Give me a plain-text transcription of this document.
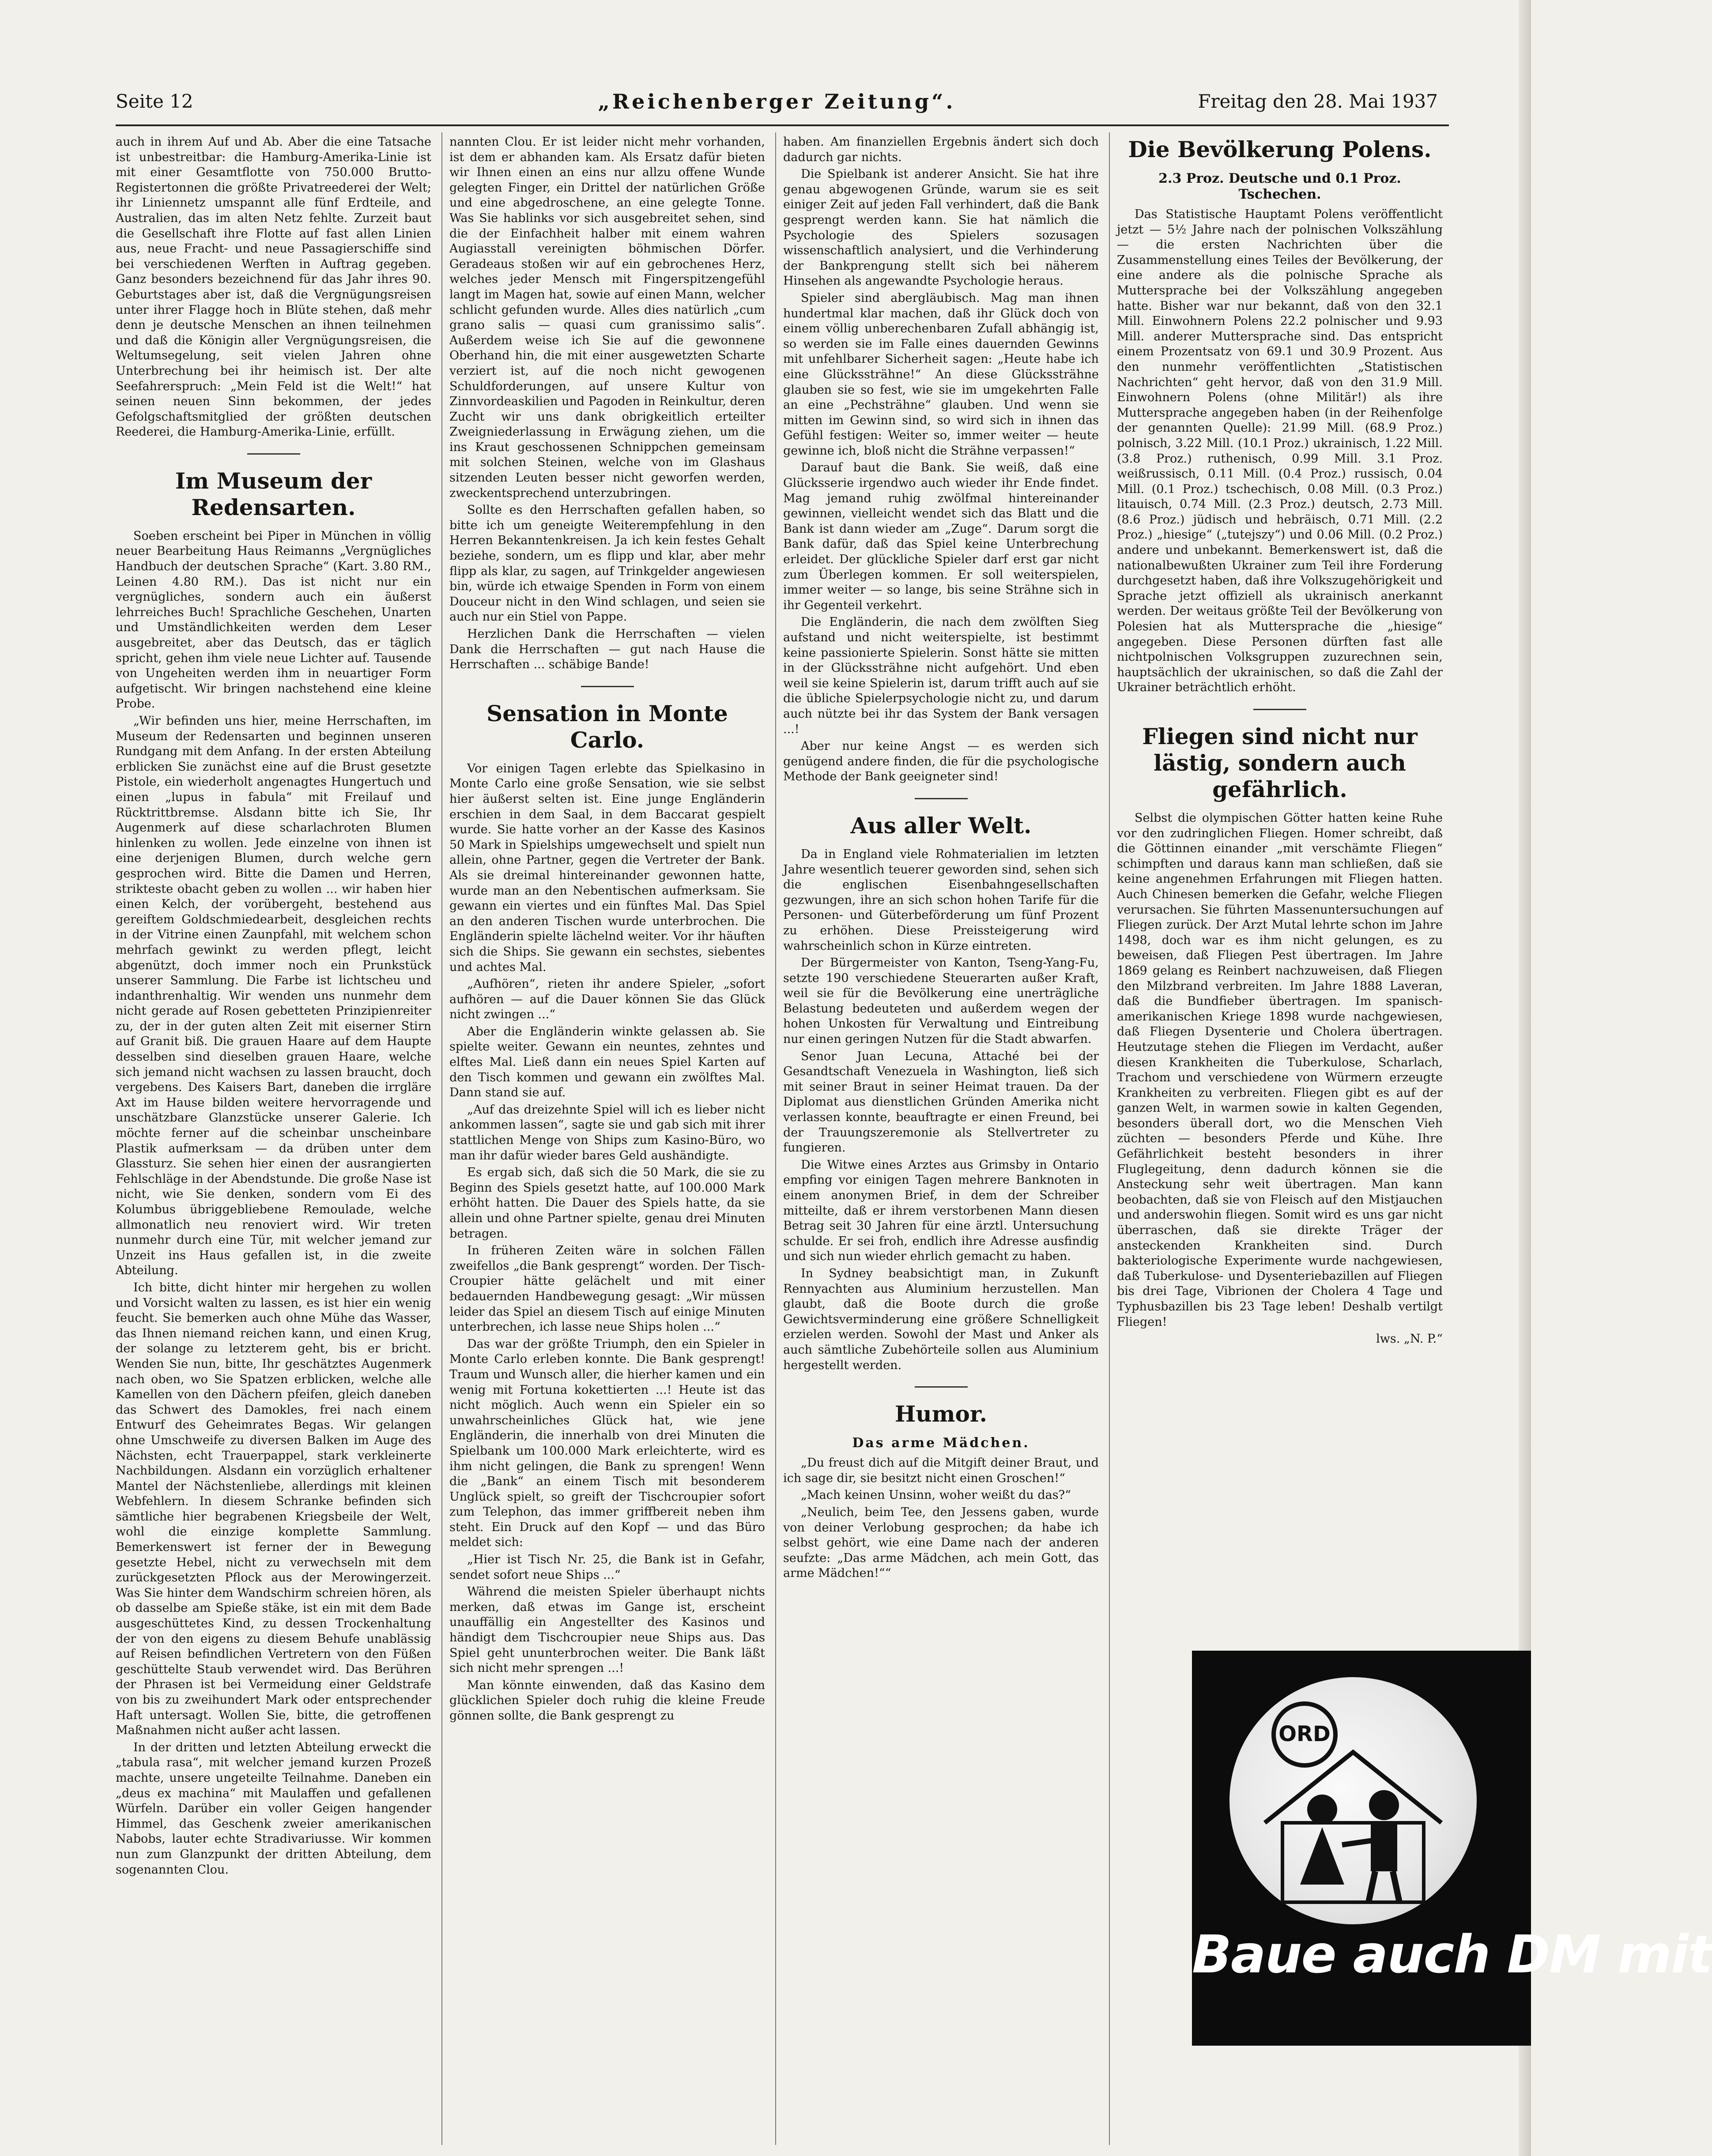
Seite 12	„Reichenberger Zeitung“.	Freitag den 28. Mai 1937

auch in ihrem Auf und Ab. Aber die eine Tatsache ist unbestreitbar: die Hamburg-Amerika-Linie ist mit einer Gesamtflotte von 750.000 Brutto-Registertonnen die größte Privatreederei der Welt; ihr Liniennetz umspannt alle fünf Erdteile, and Australien, das im alten Netz fehlte. Zurzeit baut die Gesellschaft ihre Flotte auf fast allen Linien aus, neue Fracht- und neue Passagierschiffe sind bei verschiedenen Werften in Auftrag gegeben. Ganz besonders bezeichnend für das Jahr ihres 90. Geburtstages aber ist, daß die Vergnügungsreisen unter ihrer Flagge hoch in Blüte stehen, daß mehr denn je deutsche Menschen an ihnen teilnehmen und daß die Königin aller Vergnügungsreisen, die Weltumsegelung, seit vielen Jahren ohne Unterbrechung bei ihr heimisch ist. Der alte Seefahrerspruch: „Mein Feld ist die Welt!“ hat seinen neuen Sinn bekommen, der jedes Gefolgschaftsmitglied der größten deutschen Reederei, die Hamburg-Amerika-Linie, erfüllt.

Im Museum der Redensarten.

Soeben erscheint bei Piper in München in völlig neuer Bearbeitung Haus Reimanns „Vergnügliches Handbuch der deutschen Sprache“ (Kart. 3.80 RM., Leinen 4.80 RM.). Das ist nicht nur ein vergnügliches, sondern auch ein äußerst lehrreiches Buch! Sprachliche Geschehen, Unarten und Umständlichkeiten werden dem Leser ausgebreitet, aber das Deutsch, das er täglich spricht, gehen ihm viele neue Lichter auf. Tausende von Ungeheiten werden ihm in neuartiger Form aufgetischt. Wir bringen nachstehend eine kleine Probe.

„Wir befinden uns hier, meine Herrschaften, im Museum der Redensarten und beginnen unseren Rundgang mit dem Anfang. In der ersten Abteilung erblicken Sie zunächst eine auf die Brust gesetzte Pistole, ein wiederholt angenagtes Hungertuch und einen „lupus in fabula“ mit Freilauf und Rücktrittbremse. Alsdann bitte ich Sie, Ihr Augenmerk auf diese scharlachroten Blumen hinlenken zu wollen. Jede einzelne von ihnen ist eine derjenigen Blumen, durch welche gern gesprochen wird. Bitte die Damen und Herren, strikteste obacht geben zu wollen ... wir haben hier einen Kelch, der vorübergeht, bestehend aus gereiftem Goldschmiedearbeit, desgleichen rechts in der Vitrine einen Zaunpfahl, mit welchem schon mehrfach gewinkt zu werden pflegt, leicht abgenützt, doch immer noch ein Prunkstück unserer Sammlung. Die Farbe ist lichtscheu und indanthrenhaltig. Wir wenden uns nunmehr dem nicht gerade auf Rosen gebetteten Prinzipienreiter zu, der in der guten alten Zeit mit eiserner Stirn auf Granit biß. Die grauen Haare auf dem Haupte desselben sind dieselben grauen Haare, welche sich jemand nicht wachsen zu lassen braucht, doch vergebens. Des Kaisers Bart, daneben die irrgläre Axt im Hause bilden weitere hervorragende und unschätzbare Glanzstücke unserer Galerie. Ich möchte ferner auf die scheinbar unscheinbare Plastik aufmerksam — da drüben unter dem Glassturz. Sie sehen hier einen der ausrangierten Fehlschläge in der Abendstunde. Die große Nase ist nicht, wie Sie denken, sondern vom Ei des Kolumbus übriggebliebene Remoulade, welche allmonatlich neu renoviert wird. Wir treten nunmehr durch eine Tür, mit welcher jemand zur Unzeit ins Haus gefallen ist, in die zweite Abteilung.

Ich bitte, dicht hinter mir hergehen zu wollen und Vorsicht walten zu lassen, es ist hier ein wenig feucht. Sie bemerken auch ohne Mühe das Wasser, das Ihnen niemand reichen kann, und einen Krug, der solange zu letzterem geht, bis er bricht. Wenden Sie nun, bitte, Ihr geschätztes Augenmerk nach oben, wo Sie Spatzen erblicken, welche alle Kamellen von den Dächern pfeifen, gleich daneben das Schwert des Damokles, frei nach einem Entwurf des Geheimrates Begas. Wir gelangen ohne Umschweife zu diversen Balken im Auge des Nächsten, echt Trauerpappel, stark verkleinerte Nachbildungen. Alsdann ein vorzüglich erhaltener Mantel der Nächstenliebe, allerdings mit kleinen Webfehlern. In diesem Schranke befinden sich sämtliche hier begrabenen Kriegsbeile der Welt, wohl die einzige komplette Sammlung. Bemerkenswert ist ferner der in Bewegung gesetzte Hebel, nicht zu verwechseln mit dem zurückgesetzten Pflock aus der Merowingerzeit. Was Sie hinter dem Wandschirm schreien hören, als ob dasselbe am Spieße stäke, ist ein mit dem Bade ausgeschüttetes Kind, zu dessen Trockenhaltung der von den eigens zu diesem Behufe unablässig auf Reisen befindlichen Vertretern von den Füßen geschüttelte Staub verwendet wird. Das Berühren der Phrasen ist bei Vermeidung einer Geldstrafe von bis zu zweihundert Mark oder entsprechender Haft untersagt. Wollen Sie, bitte, die getroffenen Maßnahmen nicht außer acht lassen.

In der dritten und letzten Abteilung erweckt die „tabula rasa“, mit welcher jemand kurzen Prozeß machte, unsere ungeteilte Teilnahme. Daneben ein „deus ex machina“ mit Maulaffen und gefallenen Würfeln. Darüber ein voller Geigen hangender Himmel, das Geschenk zweier amerikanischen Nabobs, lauter echte Stradivariusse. Wir kommen nun zum Glanzpunkt der dritten Abteilung, dem sogenannten Clou.

nannten Clou. Er ist leider nicht mehr vorhanden, ist dem er abhanden kam. Als Ersatz dafür bieten wir Ihnen einen an eins nur allzu offene Wunde gelegten Finger, ein Drittel der natürlichen Größe und eine abgedroschene, an eine gelegte Tonne. Was Sie hablinks vor sich ausgebreitet sehen, sind die der Einfachheit halber mit einem wahren Augiasstall vereinigten böhmischen Dörfer. Geradeaus stoßen wir auf ein gebrochenes Herz, welches jeder Mensch mit Fingerspitzengefühl langt im Magen hat, sowie auf einen Mann, welcher schlicht gefunden wurde. Alles dies natürlich „cum grano salis — quasi cum granissimo salis“. Außerdem weise ich Sie auf die gewonnene Oberhand hin, die mit einer ausgewetzten Scharte verziert ist, auf die noch nicht gewogenen Schuldforderungen, auf unsere Kultur von Zinnvordeaskilien und Pagoden in Reinkultur, deren Zucht wir uns dank obrigkeitlich erteilter Zweigniederlassung in Erwägung ziehen, um die ins Kraut geschossenen Schnippchen gemeinsam mit solchen Steinen, welche von im Glashaus sitzenden Leuten besser nicht geworfen werden, zweckentsprechend unterzubringen.

Sollte es den Herrschaften gefallen haben, so bitte ich um geneigte Weiterempfehlung in den Herren Bekanntenkreisen. Ja ich kein festes Gehalt beziehe, sondern, um es flipp und klar, aber mehr flipp als klar, zu sagen, auf Trinkgelder angewiesen bin, würde ich etwaige Spenden in Form von einem Douceur nicht in den Wind schlagen, und seien sie auch nur ein Stiel von Pappe.

Herzlichen Dank die Herrschaften — vielen Dank die Herrschaften — gut nach Hause die Herrschaften ... schäbige Bande!

Sensation in Monte Carlo.

Vor einigen Tagen erlebte das Spielkasino in Monte Carlo eine große Sensation, wie sie selbst hier äußerst selten ist. Eine junge Engländerin erschien in dem Saal, in dem Baccarat gespielt wurde. Sie hatte vorher an der Kasse des Kasinos 50 Mark in Spielships umgewechselt und spielt nun allein, ohne Partner, gegen die Vertreter der Bank. Als sie dreimal hintereinander gewonnen hatte, wurde man an den Nebentischen aufmerksam. Sie gewann ein viertes und ein fünftes Mal. Das Spiel an den anderen Tischen wurde unterbrochen. Die Engländerin spielte lächelnd weiter. Vor ihr häuften sich die Ships. Sie gewann ein sechstes, siebentes und achtes Mal.

„Aufhören“, rieten ihr andere Spieler, „sofort aufhören — auf die Dauer können Sie das Glück nicht zwingen ...“

Aber die Engländerin winkte gelassen ab. Sie spielte weiter. Gewann ein neuntes, zehntes und elftes Mal. Ließ dann ein neues Spiel Karten auf den Tisch kommen und gewann ein zwölftes Mal. Dann stand sie auf.

„Auf das dreizehnte Spiel will ich es lieber nicht ankommen lassen“, sagte sie und gab sich mit ihrer stattlichen Menge von Ships zum Kasino-Büro, wo man ihr dafür wieder bares Geld aushändigte.

Es ergab sich, daß sich die 50 Mark, die sie zu Beginn des Spiels gesetzt hatte, auf 100.000 Mark erhöht hatten. Die Dauer des Spiels hatte, da sie allein und ohne Partner spielte, genau drei Minuten betragen.

In früheren Zeiten wäre in solchen Fällen zweifellos „die Bank gesprengt“ worden. Der Tisch-Croupier hätte gelächelt und mit einer bedauernden Handbewegung gesagt: „Wir müssen leider das Spiel an diesem Tisch auf einige Minuten unterbrechen, ich lasse neue Ships holen ...“

Das war der größte Triumph, den ein Spieler in Monte Carlo erleben konnte. Die Bank gesprengt! Traum und Wunsch aller, die hierher kamen und ein wenig mit Fortuna kokettierten ...! Heute ist das nicht möglich. Auch wenn ein Spieler ein so unwahrscheinliches Glück hat, wie jene Engländerin, die innerhalb von drei Minuten die Spielbank um 100.000 Mark erleichterte, wird es ihm nicht gelingen, die Bank zu sprengen! Wenn die „Bank“ an einem Tisch mit besonderem Unglück spielt, so greift der Tischcroupier sofort zum Telephon, das immer griffbereit neben ihm steht. Ein Druck auf den Kopf — und das Büro meldet sich:

„Hier ist Tisch Nr. 25, die Bank ist in Gefahr, sendet sofort neue Ships ...“

Während die meisten Spieler überhaupt nichts merken, daß etwas im Gange ist, erscheint unauffällig ein Angestellter des Kasinos und händigt dem Tischcroupier neue Ships aus. Das Spiel geht ununterbrochen weiter. Die Bank läßt sich nicht mehr sprengen ...!

Man könnte einwenden, daß das Kasino dem glücklichen Spieler doch ruhig die kleine Freude gönnen sollte, die Bank gesprengt zu

haben. Am finanziellen Ergebnis ändert sich doch dadurch gar nichts.

Die Spielbank ist anderer Ansicht. Sie hat ihre genau abgewogenen Gründe, warum sie es seit einiger Zeit auf jeden Fall verhindert, daß die Bank gesprengt werden kann. Sie hat nämlich die Psychologie des Spielers sozusagen wissenschaftlich analysiert, und die Verhinderung der Bankprengung stellt sich bei näherem Hinsehen als angewandte Psychologie heraus.

Spieler sind abergläubisch. Mag man ihnen hundertmal klar machen, daß ihr Glück doch von einem völlig unberechenbaren Zufall abhängig ist, so werden sie im Falle eines dauernden Gewinns mit unfehlbarer Sicherheit sagen: „Heute habe ich eine Glückssträhne!“ An diese Glückssträhne glauben sie so fest, wie sie im umgekehrten Falle an eine „Pechsträhne“ glauben. Und wenn sie mitten im Gewinn sind, so wird sich in ihnen das Gefühl festigen: Weiter so, immer weiter — heute gewinne ich, bloß nicht die Strähne verpassen!“

Darauf baut die Bank. Sie weiß, daß eine Glücksserie irgendwo auch wieder ihr Ende findet. Mag jemand ruhig zwölfmal hintereinander gewinnen, vielleicht wendet sich das Blatt und die Bank ist dann wieder am „Zuge“. Darum sorgt die Bank dafür, daß das Spiel keine Unterbrechung erleidet. Der glückliche Spieler darf erst gar nicht zum Überlegen kommen. Er soll weiterspielen, immer weiter — so lange, bis seine Strähne sich in ihr Gegenteil verkehrt.

Die Engländerin, die nach dem zwölften Sieg aufstand und nicht weiterspielte, ist bestimmt keine passionierte Spielerin. Sonst hätte sie mitten in der Glückssträhne nicht aufgehört. Und eben weil sie keine Spielerin ist, darum trifft auch auf sie die übliche Spielerpsychologie nicht zu, und darum auch nützte bei ihr das System der Bank versagen ...!

Aber nur keine Angst — es werden sich genügend andere finden, die für die psychologische Methode der Bank geeigneter sind!

Aus aller Welt.

Da in England viele Rohmaterialien im letzten Jahre wesentlich teuerer geworden sind, sehen sich die englischen Eisenbahngesellschaften gezwungen, ihre an sich schon hohen Tarife für die Personen- und Güterbeförderung um fünf Prozent zu erhöhen. Diese Preissteigerung wird wahrscheinlich schon in Kürze eintreten.

Der Bürgermeister von Kanton, Tseng-Yang-Fu, setzte 190 verschiedene Steuerarten außer Kraft, weil sie für die Bevölkerung eine unerträgliche Belastung bedeuteten und außerdem wegen der hohen Unkosten für Verwaltung und Eintreibung nur einen geringen Nutzen für die Stadt abwarfen.

Senor Juan Lecuna, Attaché bei der Gesandtschaft Venezuela in Washington, ließ sich mit seiner Braut in seiner Heimat trauen. Da der Diplomat aus dienstlichen Gründen Amerika nicht verlassen konnte, beauftragte er einen Freund, bei der Trauungszeremonie als Stellvertreter zu fungieren.

Die Witwe eines Arztes aus Grimsby in Ontario empfing vor einigen Tagen mehrere Banknoten in einem anonymen Brief, in dem der Schreiber mitteilte, daß er ihrem verstorbenen Mann diesen Betrag seit 30 Jahren für eine ärztl. Untersuchung schulde. Er sei froh, endlich ihre Adresse ausfindig und sich nun wieder ehrlich gemacht zu haben.

In Sydney beabsichtigt man, in Zukunft Rennyachten aus Aluminium herzustellen. Man glaubt, daß die Boote durch die große Gewichtsverminderung eine größere Schnelligkeit erzielen werden. Sowohl der Mast und Anker als auch sämtliche Zubehörteile sollen aus Aluminium hergestellt werden.

Humor.
Das arme Mädchen.

„Du freust dich auf die Mitgift deiner Braut, und ich sage dir, sie besitzt nicht einen Groschen!“

„Mach keinen Unsinn, woher weißt du das?“

„Neulich, beim Tee, den Jessens gaben, wurde von deiner Verlobung gesprochen; da habe ich selbst gehört, wie eine Dame nach der anderen seufzte: „Das arme Mädchen, ach mein Gott, das arme Mädchen!““

Die Bevölkerung Polens.
2.3 Proz. Deutsche und 0.1 Proz. Tschechen.

Das Statistische Hauptamt Polens veröffentlicht jetzt — 5½ Jahre nach der polnischen Volkszählung — die ersten Nachrichten über die Zusammenstellung eines Teiles der Bevölkerung, der eine andere als die polnische Sprache als Muttersprache bei der Volkszählung angegeben hatte. Bisher war nur bekannt, daß von den 32.1 Mill. Einwohnern Polens 22.2 polnischer und 9.93 Mill. anderer Muttersprache sind. Das entspricht einem Prozentsatz von 69.1 und 30.9 Prozent. Aus den nunmehr veröffentlichten „Statistischen Nachrichten“ geht hervor, daß von den 31.9 Mill. Einwohnern Polens (ohne Militär!) als ihre Muttersprache angegeben haben (in der Reihenfolge der genannten Quelle): 21.99 Mill. (68.9 Proz.) polnisch, 3.22 Mill. (10.1 Proz.) ukrainisch, 1.22 Mill. (3.8 Proz.) ruthenisch, 0.99 Mill. 3.1 Proz. weißrussisch, 0.11 Mill. (0.4 Proz.) russisch, 0.04 Mill. (0.1 Proz.) tschechisch, 0.08 Mill. (0.3 Proz.) litauisch, 0.74 Mill. (2.3 Proz.) deutsch, 2.73 Mill. (8.6 Proz.) jüdisch und hebräisch, 0.71 Mill. (2.2 Proz.) „hiesige“ („tutejszy“) und 0.06 Mill. (0.2 Proz.) andere und unbekannt. Bemerkenswert ist, daß die nationalbewußten Ukrainer zum Teil ihre Forderung durchgesetzt haben, daß ihre Volkszugehörigkeit und Sprache jetzt offiziell als ukrainisch anerkannt werden. Der weitaus größte Teil der Bevölkerung von Polesien hat als Muttersprache die „hiesige“ angegeben. Diese Personen dürften fast alle nichtpolnischen Volksgruppen zuzurechnen sein, hauptsächlich der ukrainischen, so daß die Zahl der Ukrainer beträchtlich erhöht.

Fliegen sind nicht nur lästig, sondern auch gefährlich.

Selbst die olympischen Götter hatten keine Ruhe vor den zudringlichen Fliegen. Homer schreibt, daß die Göttinnen einander „mit verschämte Fliegen“ schimpften und daraus kann man schließen, daß sie keine angenehmen Erfahrungen mit Fliegen hatten. Auch Chinesen bemerken die Gefahr, welche Fliegen verursachen. Sie führten Massenuntersuchungen auf Fliegen zurück. Der Arzt Mutal lehrte schon im Jahre 1498, doch war es ihm nicht gelungen, es zu beweisen, daß Fliegen Pest übertragen. Im Jahre 1869 gelang es Reinbert nachzuweisen, daß Fliegen den Milzbrand verbreiten. Im Jahre 1888 Laveran, daß die Bundfieber übertragen. Im spanisch-amerikanischen Kriege 1898 wurde nachgewiesen, daß Fliegen Dysenterie und Cholera übertragen. Heutzutage stehen die Fliegen im Verdacht, außer diesen Krankheiten die Tuberkulose, Scharlach, Trachom und verschiedene von Würmern erzeugte Krankheiten zu verbreiten. Fliegen gibt es auf der ganzen Welt, in warmen sowie in kalten Gegenden, besonders überall dort, wo die Menschen Vieh züchten — besonders Pferde und Kühe. Ihre Gefährlichkeit besteht besonders in ihrer Fluglegeitung, denn dadurch können sie die Ansteckung sehr weit übertragen. Man kann beobachten, daß sie von Fleisch auf den Mistjauchen und anderswohin fliegen. Somit wird es uns gar nicht überraschen, daß sie direkte Träger der ansteckenden Krankheiten sind. Durch bakteriologische Experimente wurde nachgewiesen, daß Tuberkulose- und Dysenteriebazillen auf Fliegen bis drei Tage, Vibrionen der Cholera 4 Tage und Typhusbazillen bis 23 Tage leben! Deshalb vertilgt Fliegen!

lws. „N. P.“

ORD
Baue auch DM mit
